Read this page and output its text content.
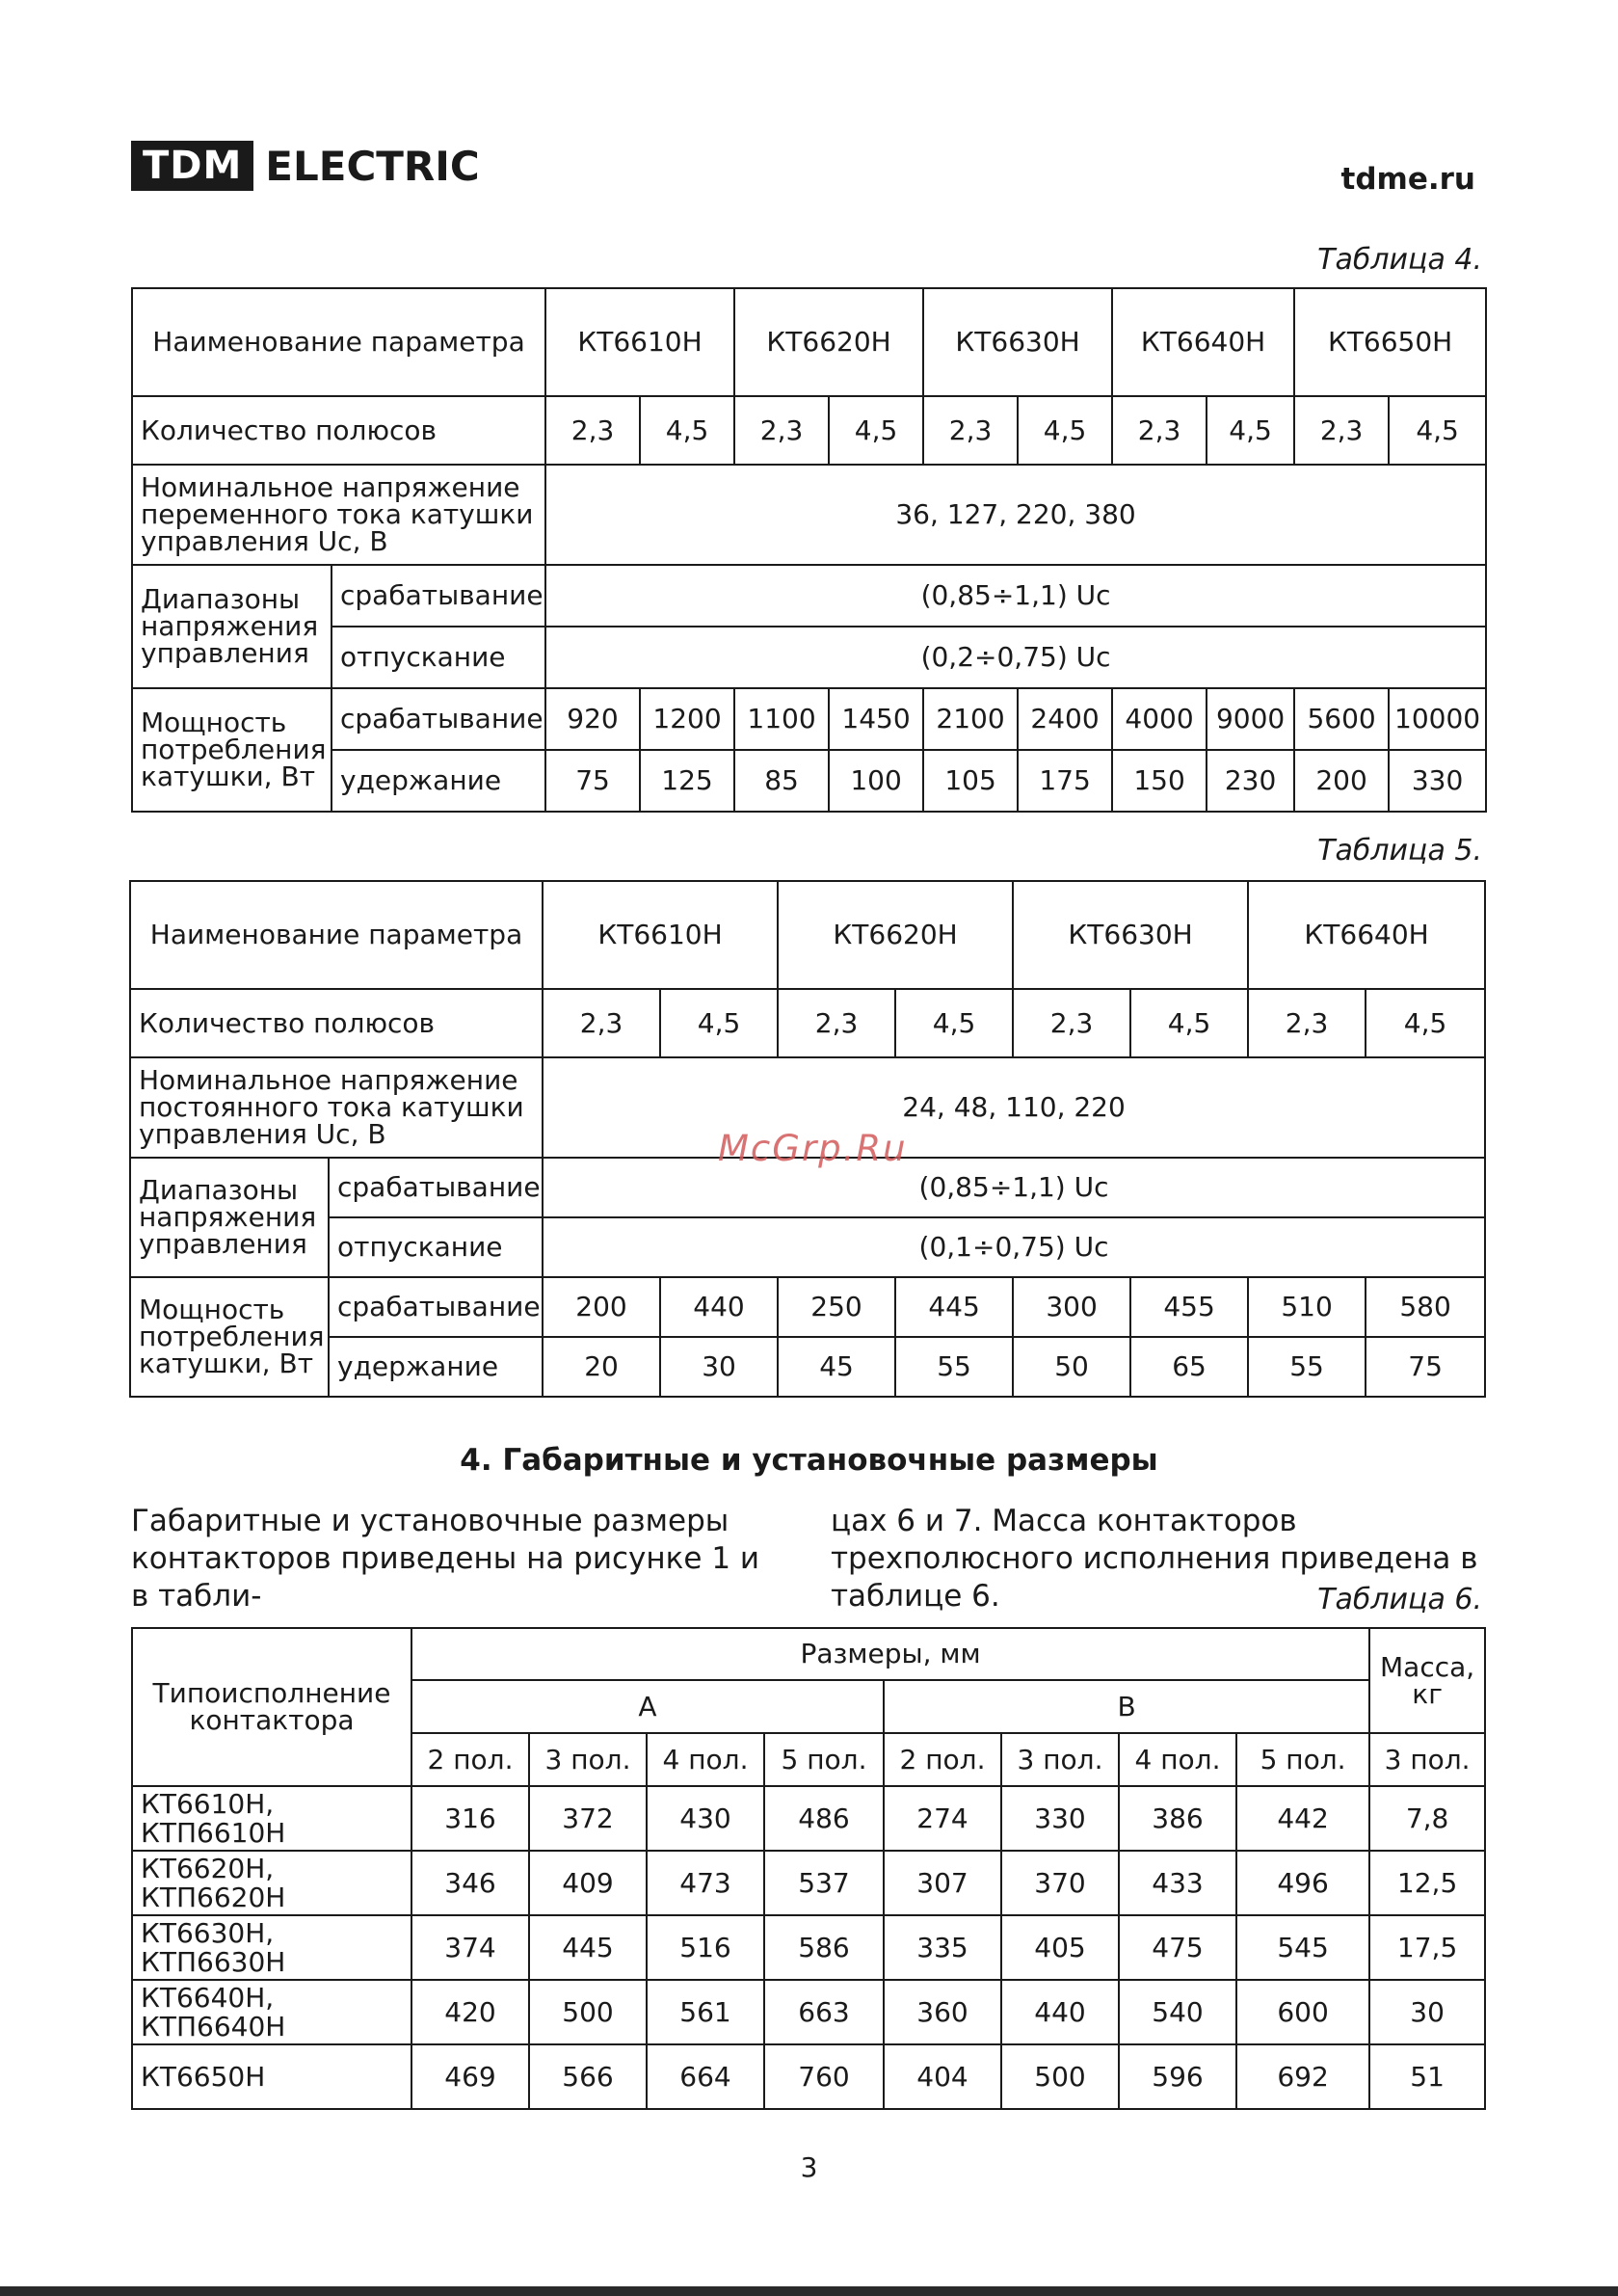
TDM ELECTRIC	tdme.ru
Таблица 4.
Наименование параметра		КТ6610Н		КТ6620Н		КТ6630Н		КТ6640Н		КТ6650Н	
Количество полюсов		2,3	4,5	2,3	4,5	2,3	4,5	2,3	4,5	2,3	4,5
Номинальное напряжение переменного тока катушки управления Uc, В		36, 127, 220, 380									
Диапазоны напряжения управления	срабатывание	(0,85÷1,1) Uc									
	отпускание	(0,2÷0,75) Uc									
Мощность потребления катушки, Вт	срабатывание	920	1200	1100	1450	2100	2400	4000	9000	5600	10000
	удержание	75	125	85	100	105	175	150	230	200	330
Таблица 5.
Наименование параметра		КТ6610Н		КТ6620Н		КТ6630Н		КТ6640Н	
Количество полюсов		2,3	4,5	2,3	4,5	2,3	4,5	2,3	4,5
Номинальное напряжение постоянного тока катушки управления Uc, В		24, 48, 110, 220							
Диапазоны напряжения управления	срабатывание	(0,85÷1,1) Uc							
	отпускание	(0,1÷0,75) Uc							
Мощность потребления катушки, Вт	срабатывание	200	440	250	445	300	455	510	580
	удержание	20	30	45	55	50	65	55	75
McGrp.Ru
4. Габаритные и установочные размеры
Габаритные и установочные размеры контакторов приведены на рисунке 1 и в табли-
цах 6 и 7. Масса контакторов трехполюсного исполнения приведена в таблице 6.	Таблица 6.
Типоисполнение контактора	Размеры, мм								Масса, кг
	А				В				
	2 пол.	3 пол.	4 пол.	5 пол.	2 пол.	3 пол.	4 пол.	5 пол.	3 пол.
КТ6610Н, КТП6610Н	316	372	430	486	274	330	386	442	7,8
КТ6620Н, КТП6620Н	346	409	473	537	307	370	433	496	12,5
КТ6630Н, КТП6630Н	374	445	516	586	335	405	475	545	17,5
КТ6640Н, КТП6640Н	420	500	561	663	360	440	540	600	30
КТ6650Н	469	566	664	760	404	500	596	692	51
3
